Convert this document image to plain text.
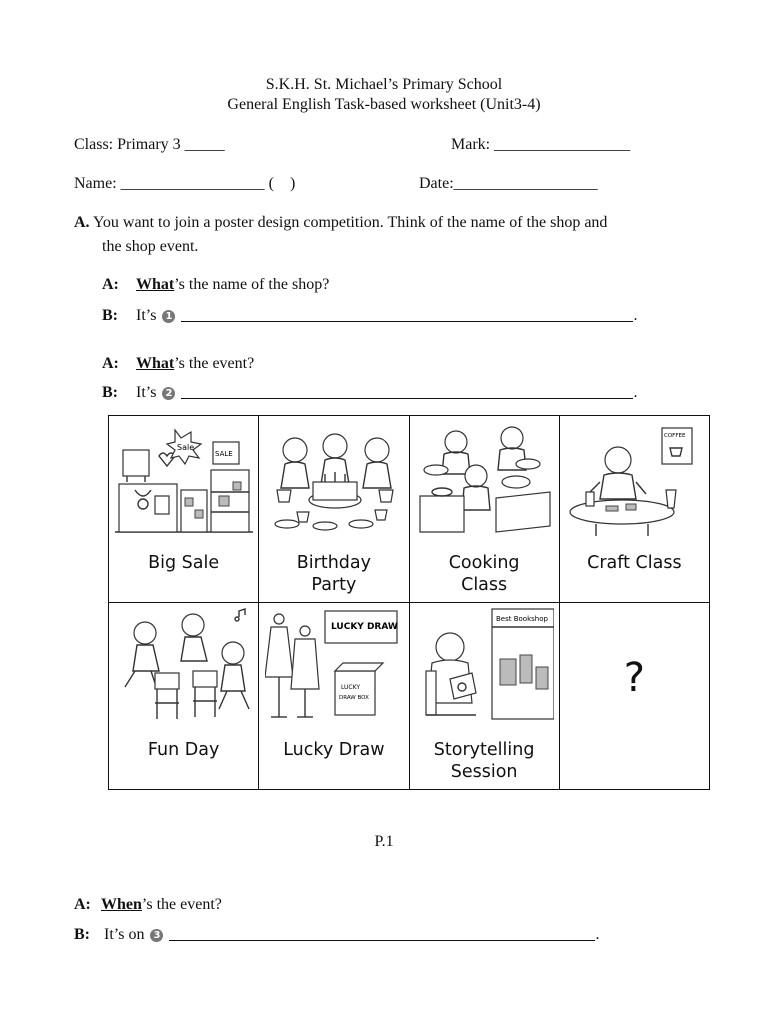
S.K.H. St. Michael’s Primary School
General English Task-based worksheet (Unit3-4)
Class: Primary 3 _____	Mark: _________________
Name: __________________ (    )	Date:__________________
A. You want to join a poster design competition. Think of the name of the shop and
the shop event.
A: What’s the name of the shop?
B: It’s 1	.
A: What’s the event?
B: It’s 2	.
Sale
SALE
Big Sale	Birthday
Party	Cooking
Class	COFFEE
Craft Class

Fun Day	LUCKY DRAW
LUCKY
DRAW BOX
Lucky Draw	Best Bookshop
Storytelling
Session	?
P.1
A: When’s the event?
B: It’s on 3	.
